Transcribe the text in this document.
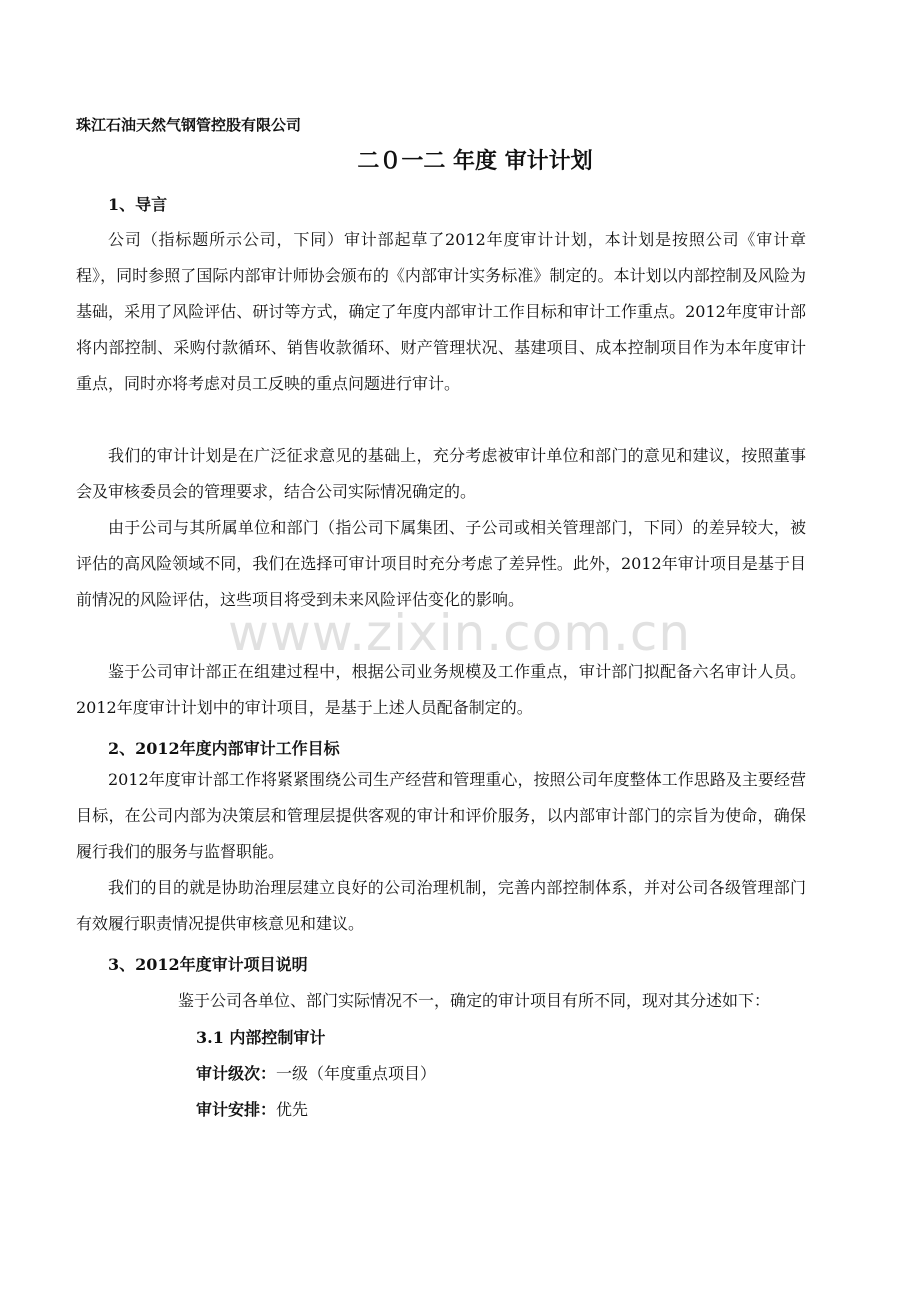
珠江石油天然气钢管控股有限公司
二０一二 年度 审计计划
1、导言

公司（指标题所示公司，下同）审计部起草了2012年度审计计划，本计划是按照公司《审计章程》，同时参照了国际内部审计师协会颁布的《内部审计实务标准》制定的。本计划以内部控制及风险为基础，采用了风险评估、研讨等方式，确定了年度内部审计工作目标和审计工作重点。2012年度审计部将内部控制、采购付款循环、销售收款循环、财产管理状况、基建项目、成本控制项目作为本年度审计重点，同时亦将考虑对员工反映的重点问题进行审计。

我们的审计计划是在广泛征求意见的基础上，充分考虑被审计单位和部门的意见和建议，按照董事会及审核委员会的管理要求，结合公司实际情况确定的。

由于公司与其所属单位和部门（指公司下属集团、子公司或相关管理部门，下同）的差异较大，被评估的高风险领域不同，我们在选择可审计项目时充分考虑了差异性。此外，2012年审计项目是基于目前情况的风险评估，这些项目将受到未来风险评估变化的影响。

鉴于公司审计部正在组建过程中，根据公司业务规模及工作重点，审计部门拟配备六名审计人员。2012年度审计计划中的审计项目，是基于上述人员配备制定的。

2、2012年度内部审计工作目标

2012年度审计部工作将紧紧围绕公司生产经营和管理重心，按照公司年度整体工作思路及主要经营目标，在公司内部为决策层和管理层提供客观的审计和评价服务，以内部审计部门的宗旨为使命，确保履行我们的服务与监督职能。

我们的目的就是协助治理层建立良好的公司治理机制，完善内部控制体系，并对公司各级管理部门有效履行职责情况提供审核意见和建议。

3、2012年度审计项目说明
鉴于公司各单位、部门实际情况不一，确定的审计项目有所不同，现对其分述如下：
3.1 内部控制审计
审计级次：一级（年度重点项目）
审计安排：优先
www.zixin.com.cn
